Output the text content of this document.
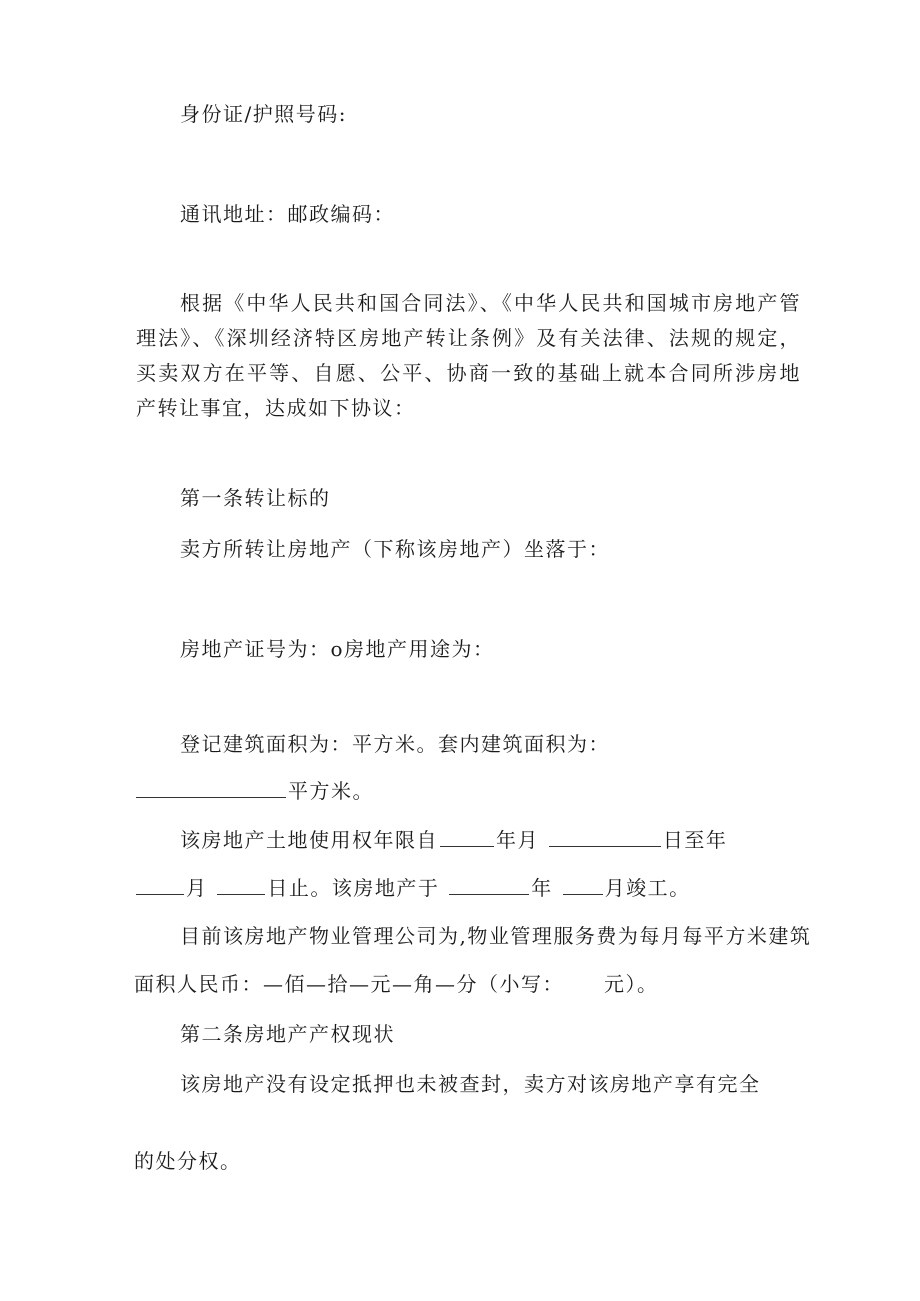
身份证/护照号码:
通讯地址：邮政编码：
根据《中华人民共和国合同法》、《中华人民共和国城市房地产管理法》、《深圳经济特区房地产转让条例》及有关法律、法规的规定，买卖双方在平等、自愿、公平、协商一致的基础上就本合同所涉房地产转让事宜，达成如下协议：
第一条转让标的
卖方所转让房地产（下称该房地产）坐落于：
房地产证号为：o房地产用途为：
登记建筑面积为：平方米。套内建筑面积为：
平方米。
该房地产土地使用权年限自	年月	日至年
月	日止。该房地产于	年	月竣工。
目前该房地产物业管理公司为,物业管理服务费为每月每平方米建筑
面积人民币：—佰—拾—元—角—分（小写： 元）。
第二条房地产产权现状
该房地产没有设定抵押也未被查封，卖方对该房地产享有完全
的处分权。
